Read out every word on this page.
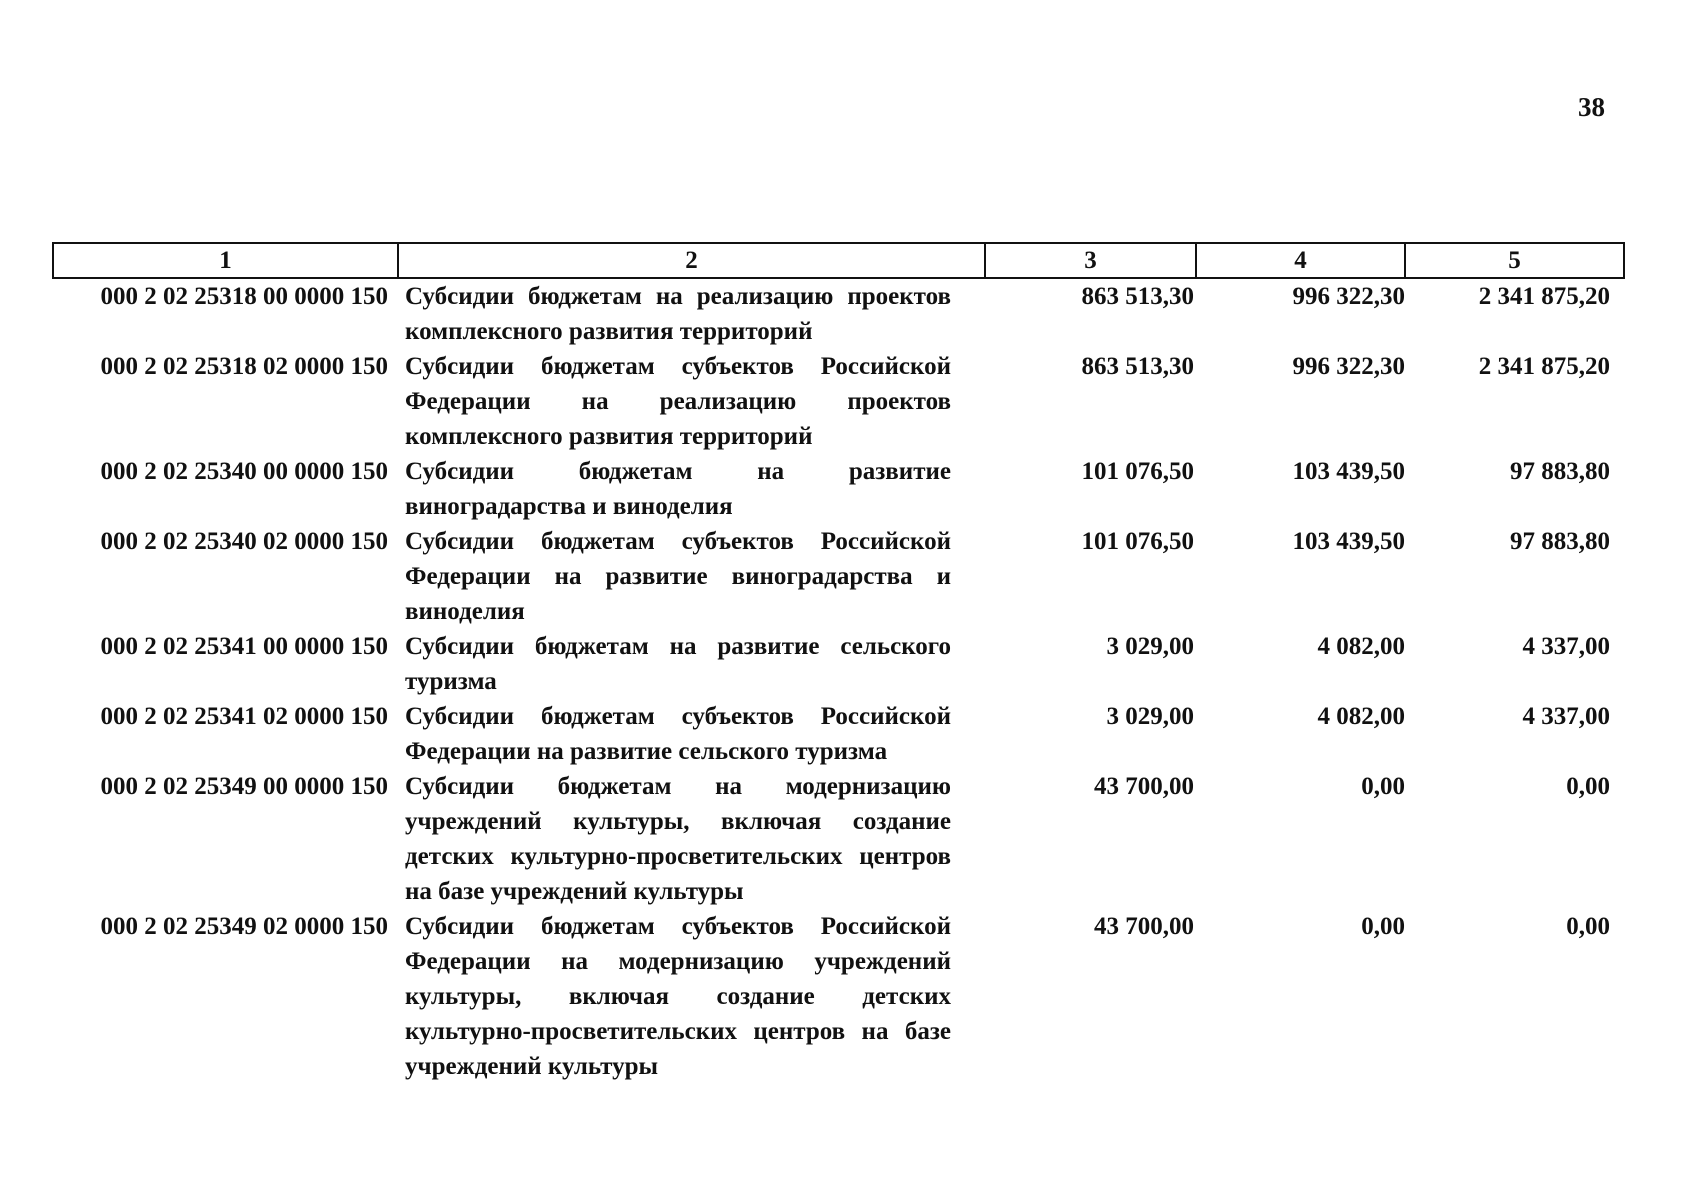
38
1	2	3	4	5
000 2 02 25318 00 0000 150	Субсидии бюджетам на реализацию проектов комплексного развития территорий	863 513,30	996 322,30	2 341 875,20
000 2 02 25318 02 0000 150	Субсидии бюджетам субъектов Российской Федерации на реализацию проектов комплексного развития территорий	863 513,30	996 322,30	2 341 875,20
000 2 02 25340 00 0000 150	Субсидии бюджетам на развитие виноградарства и виноделия	101 076,50	103 439,50	97 883,80
000 2 02 25340 02 0000 150	Субсидии бюджетам субъектов Российской Федерации на развитие виноградарства и виноделия	101 076,50	103 439,50	97 883,80
000 2 02 25341 00 0000 150	Субсидии бюджетам на развитие сельского туризма	3 029,00	4 082,00	4 337,00
000 2 02 25341 02 0000 150	Субсидии бюджетам субъектов Российской Федерации на развитие сельского туризма	3 029,00	4 082,00	4 337,00
000 2 02 25349 00 0000 150	Субсидии бюджетам на модернизацию учреждений культуры, включая создание детских культурно-просветительских центров на базе учреждений культуры	43 700,00	0,00	0,00
000 2 02 25349 02 0000 150	Субсидии бюджетам субъектов Российской Федерации на модернизацию учреждений культуры, включая создание детских культурно-просветительских центров на базе учреждений культуры	43 700,00	0,00	0,00
